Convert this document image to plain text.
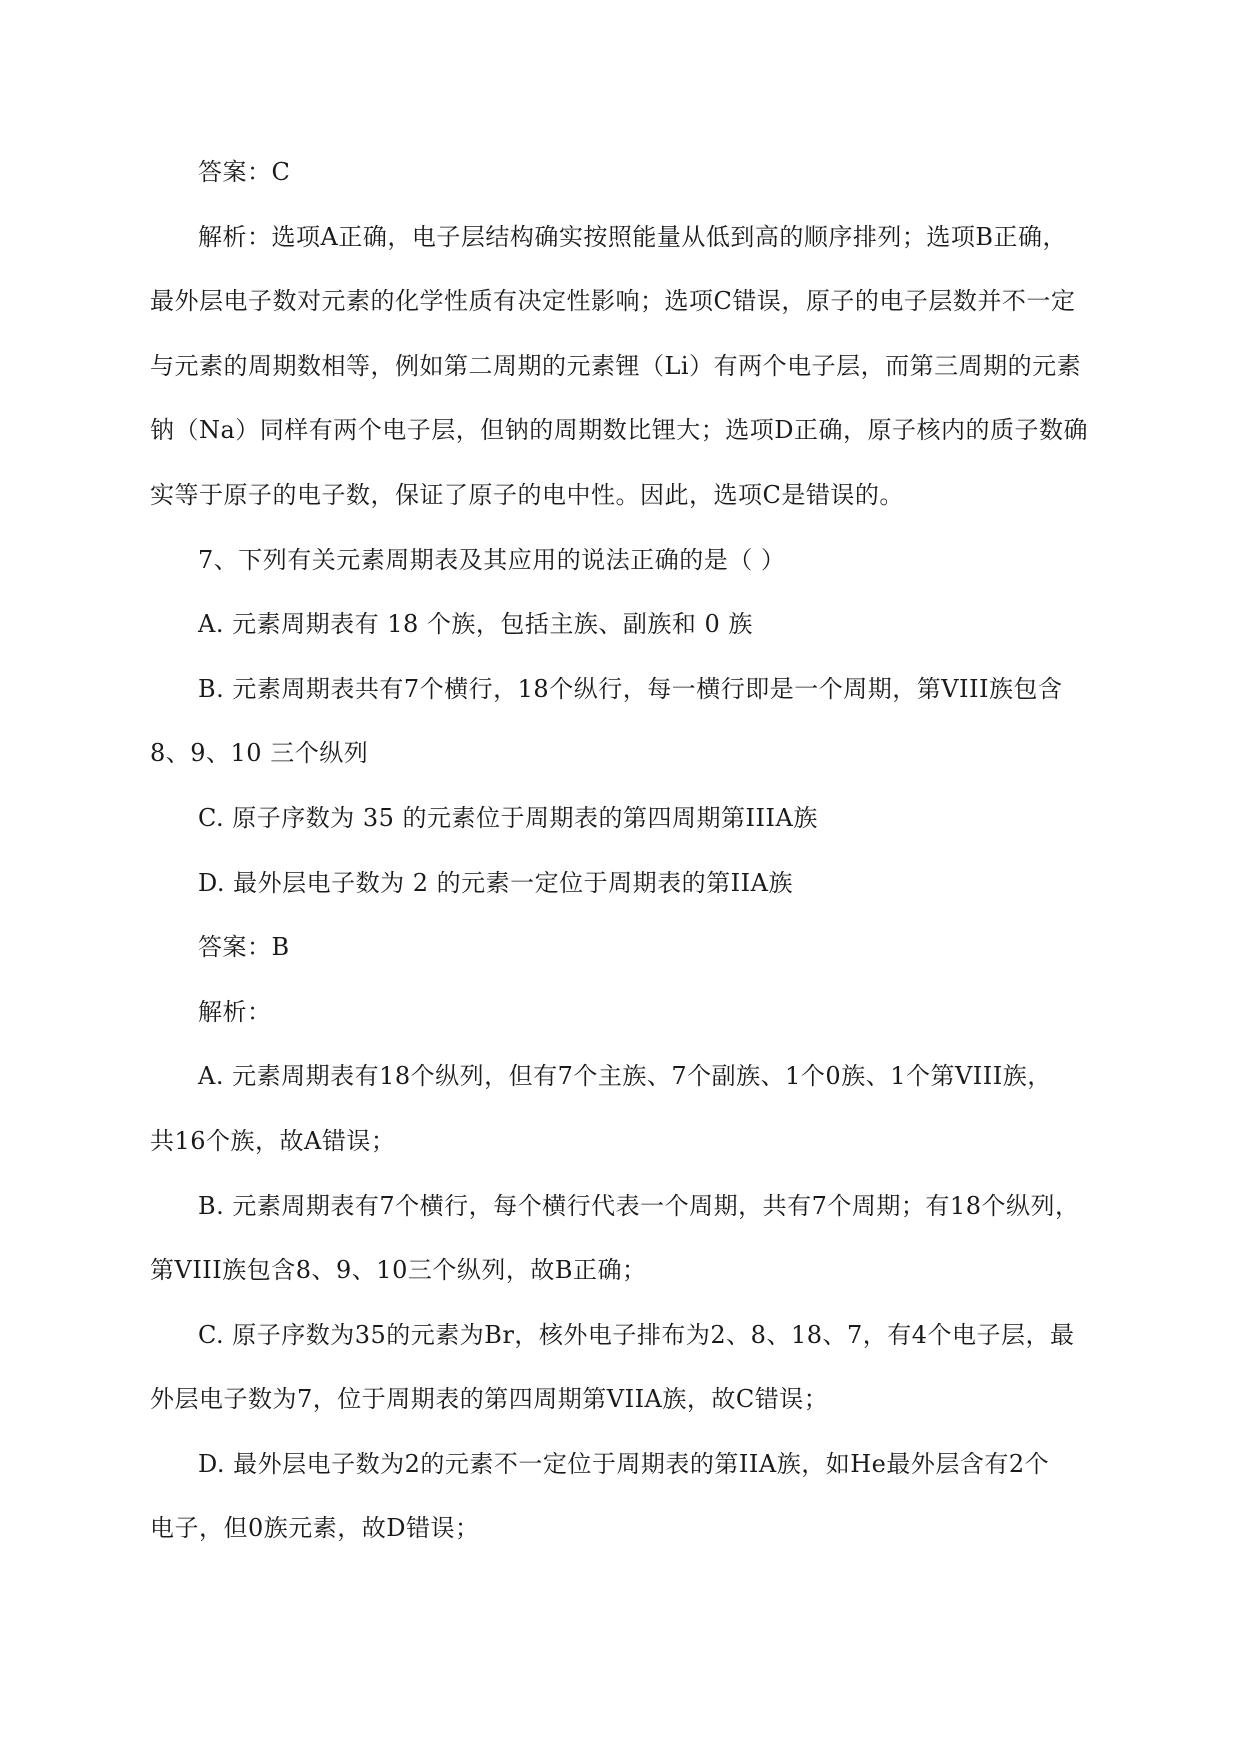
答案：C
解析：选项A正确，电子层结构确实按照能量从低到高的顺序排列；选项B正确，
最外层电子数对元素的化学性质有决定性影响；选项C错误，原子的电子层数并不一定
与元素的周期数相等，例如第二周期的元素锂（Li）有两个电子层，而第三周期的元素
钠（Na）同样有两个电子层，但钠的周期数比锂大；选项D正确，原子核内的质子数确
实等于原子的电子数，保证了原子的电中性。因此，选项C是错误的。
7、下列有关元素周期表及其应用的说法正确的是（ ）
A. 元素周期表有 18 个族，包括主族、副族和 0 族
B. 元素周期表共有7个横行，18个纵行，每一横行即是一个周期，第VIII族包含
8、9、10 三个纵列
C. 原子序数为 35 的元素位于周期表的第四周期第IIIA族
D. 最外层电子数为 2 的元素一定位于周期表的第IIA族
答案：B
解析：
A. 元素周期表有18个纵列，但有7个主族、7个副族、1个0族、1个第VIII族，
共16个族，故A错误；
B. 元素周期表有7个横行，每个横行代表一个周期，共有7个周期；有18个纵列，
第VIII族包含8、9、10三个纵列，故B正确；
C. 原子序数为35的元素为Br，核外电子排布为2、8、18、7，有4个电子层，最
外层电子数为7，位于周期表的第四周期第VIIA族，故C错误；
D. 最外层电子数为2的元素不一定位于周期表的第IIA族，如He最外层含有2个
电子，但0族元素，故D错误；
